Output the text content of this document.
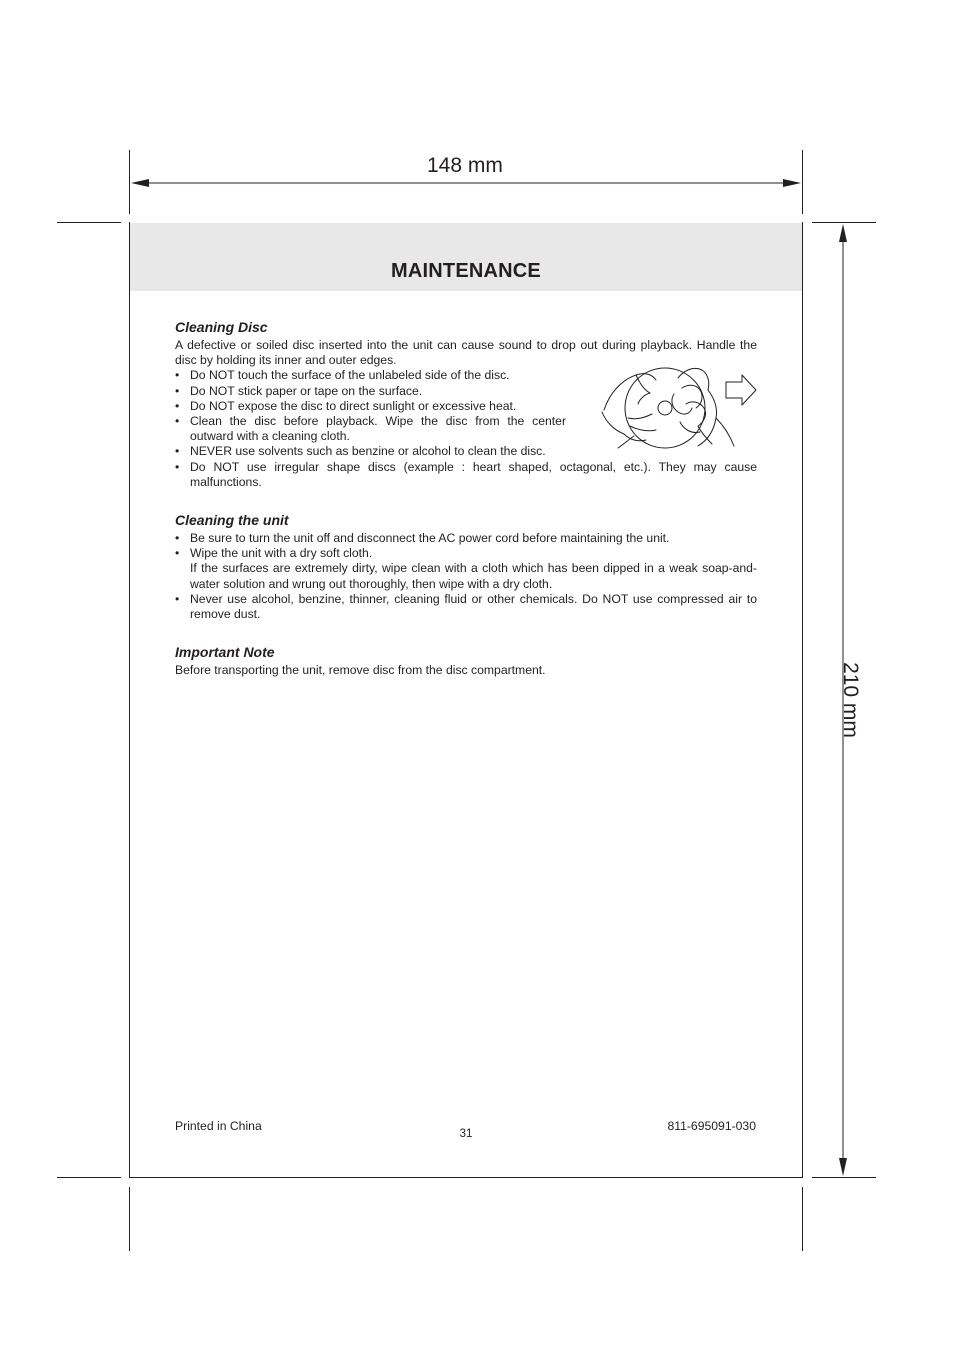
148 mm
210 mm
MAINTENANCE
Cleaning Disc

A defective or soiled disc inserted into the unit can cause sound to drop out during playback. Handle the disc by holding its inner and outer edges.

• Do NOT touch the surface of the unlabeled side of the disc.
• Do NOT stick paper or tape on the surface.
• Do NOT expose the disc to direct sunlight or excessive heat.
• Clean the disc before playback. Wipe the disc from the center outward with a cleaning cloth.
• NEVER use solvents such as benzine or alcohol to clean the disc.
• Do NOT use irregular shape discs (example : heart shaped, octagonal, etc.). They may cause malfunctions.
Cleaning the unit
• Be sure to turn the unit off and disconnect the AC power cord before maintaining the unit.
• Wipe the unit with a dry soft cloth.
If the surfaces are extremely dirty, wipe clean with a cloth which has been dipped in a weak soap-and-water solution and wrung out thoroughly, then wipe with a dry cloth.
• Never use alcohol, benzine, thinner, cleaning fluid or other chemicals. Do NOT use compressed air to remove dust.
Important Note

Before transporting the unit, remove disc from the disc compartment.

Printed in China
31
811-695091-030
